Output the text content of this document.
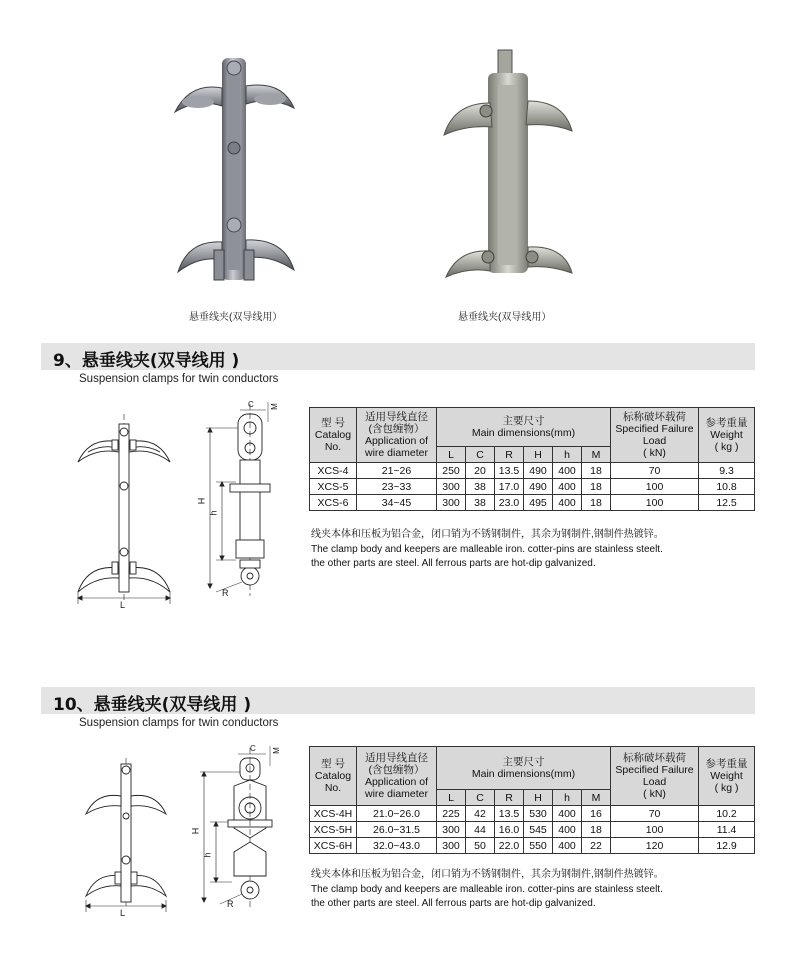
悬垂线夹(双导线用）	悬垂线夹(双导线用）
9、悬垂线夹(双导线用 )
Suspension clamps for twin conductors
L
C M
H
h
R
型 号
Catalog
No.	适用导线直径
(含包缠物）
Application of
wire diameter	主要尺寸
Main dimensions(mm)						标称破坏载荷
Specified Failure
Load
( kN)	参考重量
Weight
( kg )
		L	C	R	H	h	M		
XCS-4	21~26	250	20	13.5	490	400	18	70	9.3
XCS-5	23~33	300	38	17.0	490	400	18	100	10.8
XCS-6	34~45	300	38	23.0	495	400	18	100	12.5
线夹本体和压板为铝合金，闭口销为不锈钢制件，其余为钢制件,钢制件热镀锌。
The clamp body and keepers are malleable iron. cotter-pins are stainless steelt.
the other parts are steel. All ferrous parts are hot-dip galvanized.
10、悬垂线夹(双导线用 )
Suspension clamps for twin conductors
L
C M
H
h
R
型 号
Catalog
No.	适用导线直径
(含包缠物）
Application of
wire diameter	主要尺寸
Main dimensions(mm)						标称破坏载荷
Specified Failure
Load
( kN)	参考重量
Weight
( kg )
		L	C	R	H	h	M		
XCS-4H	21.0~26.0	225	42	13.5	530	400	16	70	10.2
XCS-5H	26.0~31.5	300	44	16.0	545	400	18	100	11.4
XCS-6H	32.0~43.0	300	50	22.0	550	400	22	120	12.9
线夹本体和压板为铝合金，闭口销为不锈钢制件，其余为钢制件,钢制件热镀锌。
The clamp body and keepers are malleable iron. cotter-pins are stainless steelt.
the other parts are steel. All ferrous parts are hot-dip galvanized.
